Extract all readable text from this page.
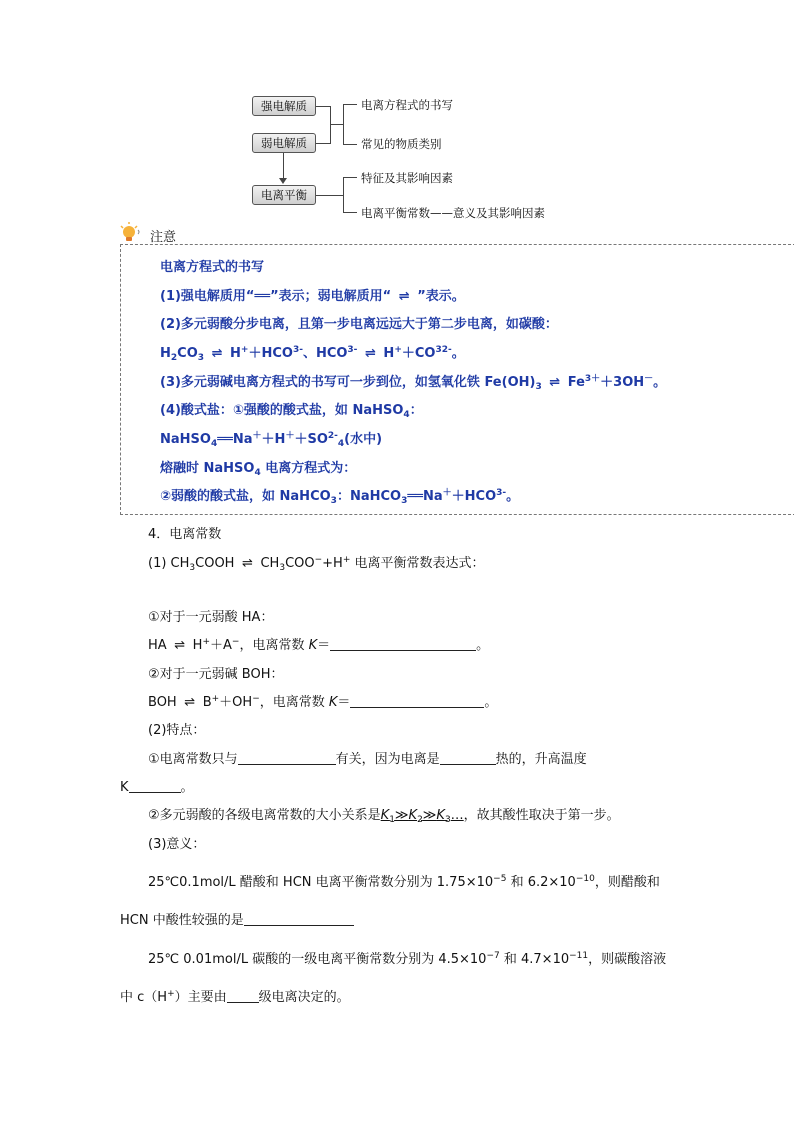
强电解质
弱电解质
电离平衡
电离方程式的书写
常见的物质类别
特征及其影响因素
电离平衡常数——意义及其影响因素
注意
电离方程式的书写
(1)强电解质用“══”表示；弱电解质用“ ⇌ ”表示。
(2)多元弱酸分步电离，且第一步电离远远大于第二步电离，如碳酸：
$H_2CO_3$ ⇌ $H^++HCO^{3-}$、$HCO^{3-}$ ⇌ $H^++CO^{32-}$。
(3)多元弱碱电离方程式的书写可一步到位，如氢氧化铁 $Fe(OH)_3$ ⇌ $Fe^{3+}+3OH^-$。
(4)酸式盐：①强酸的酸式盐，如 NaHSO$_4$：
$NaHSO_4══Na^++H^++SO^{2-}_4$(水中)
熔融时 NaHSO$_4$ 电离方程式为：
②弱酸的酸式盐，如 NaHCO$_3$：$NaHCO_3══Na^++HCO^{3-}$。
4．电离常数
(1) $CH_3COOH$ ⇌ $CH_3COO^-+H^+$ 电离平衡常数表达式：
①对于一元弱酸 HA：
HA ⇌ H+＋A−，电离常数 K＝	。
②对于一元弱碱 BOH：
BOH ⇌ B+＋OH−，电离常数 K＝	。
(2)特点：
①电离常数只与	有关，因为电离是	热的，升高温度
K	。
②多元弱酸的各级电离常数的大小关系是$K_1≫K_2≫K_3\dots$，故其酸性取决于第一步。
(3)意义：
25℃0.1mol/L 醋酸和 HCN 电离平衡常数分别为 $1.75\times 10^{-5}$ 和 $6.2\times 10^{-10}$，则醋酸和
HCN 中酸性较强的是
25℃ 0.01mol/L 碳酸的一级电离平衡常数分别为 $4.5\times 10^{-7}$ 和 $4.7\times 10^{-11}$，则碳酸溶液
中 c（H+）主要由 级电离决定的。
